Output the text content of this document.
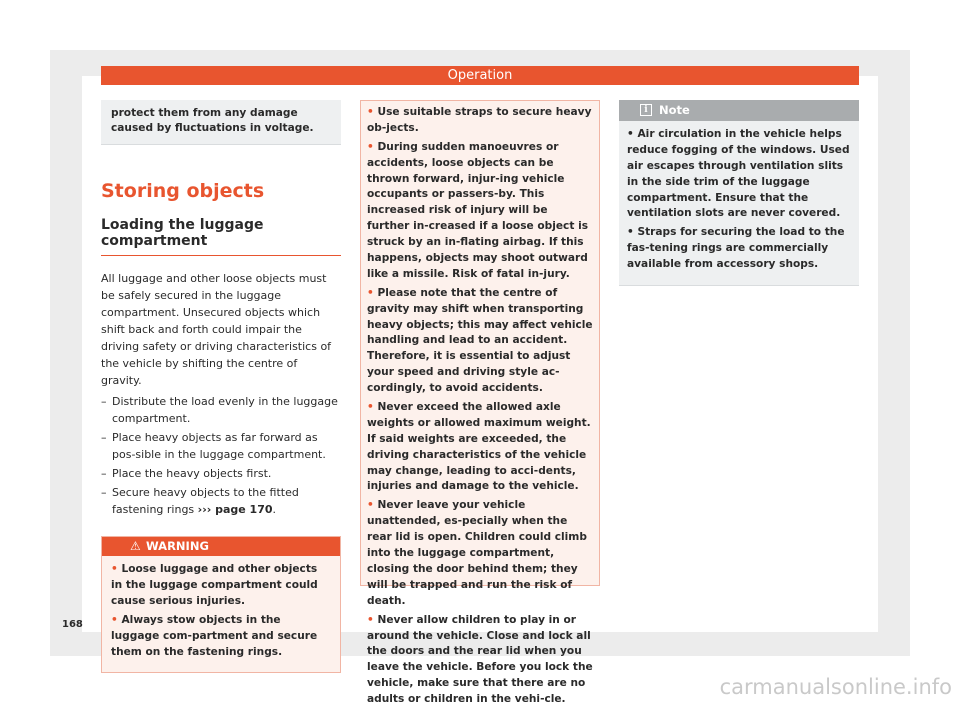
Operation
protect them from any damage caused by fluctuations in voltage.
Storing objects
Loading the luggage compartment

All luggage and other loose objects must be safely secured in the luggage compartment. Unsecured objects which shift back and forth could impair the driving safety or driving characteristics of the vehicle by shifting the centre of gravity.

– Distribute the load evenly in the luggage compartment.
– Place heavy objects as far forward as pos-sible in the luggage compartment.
– Place the heavy objects first.
– Secure heavy objects to the fitted fastening rings ››› page 170.
⚠ WARNING
• Loose luggage and other objects in the luggage compartment could cause serious injuries.
• Always stow objects in the luggage com-partment and secure them on the fastening rings.
• Use suitable straps to secure heavy ob-jects.
• During sudden manoeuvres or accidents, loose objects can be thrown forward, injur-ing vehicle occupants or passers-by. This increased risk of injury will be further in-creased if a loose object is struck by an in-flating airbag. If this happens, objects may shoot outward like a missile. Risk of fatal in-jury.
• Please note that the centre of gravity may shift when transporting heavy objects; this may affect vehicle handling and lead to an accident. Therefore, it is essential to adjust your speed and driving style ac-cordingly, to avoid accidents.
• Never exceed the allowed axle weights or allowed maximum weight. If said weights are exceeded, the driving characteristics of the vehicle may change, leading to acci-dents, injuries and damage to the vehicle.
• Never leave your vehicle unattended, es-pecially when the rear lid is open. Children could climb into the luggage compartment, closing the door behind them; they will be trapped and run the risk of death.
• Never allow children to play in or around the vehicle. Close and lock all the doors and the rear lid when you leave the vehicle. Before you lock the vehicle, make sure that there are no adults or children in the vehi-cle.
i Note
• Air circulation in the vehicle helps reduce fogging of the windows. Used air escapes through ventilation slits in the side trim of the luggage compartment. Ensure that the ventilation slots are never covered.
• Straps for securing the load to the fas-tening rings are commercially available from accessory shops.
168
carmanualsonline.info
